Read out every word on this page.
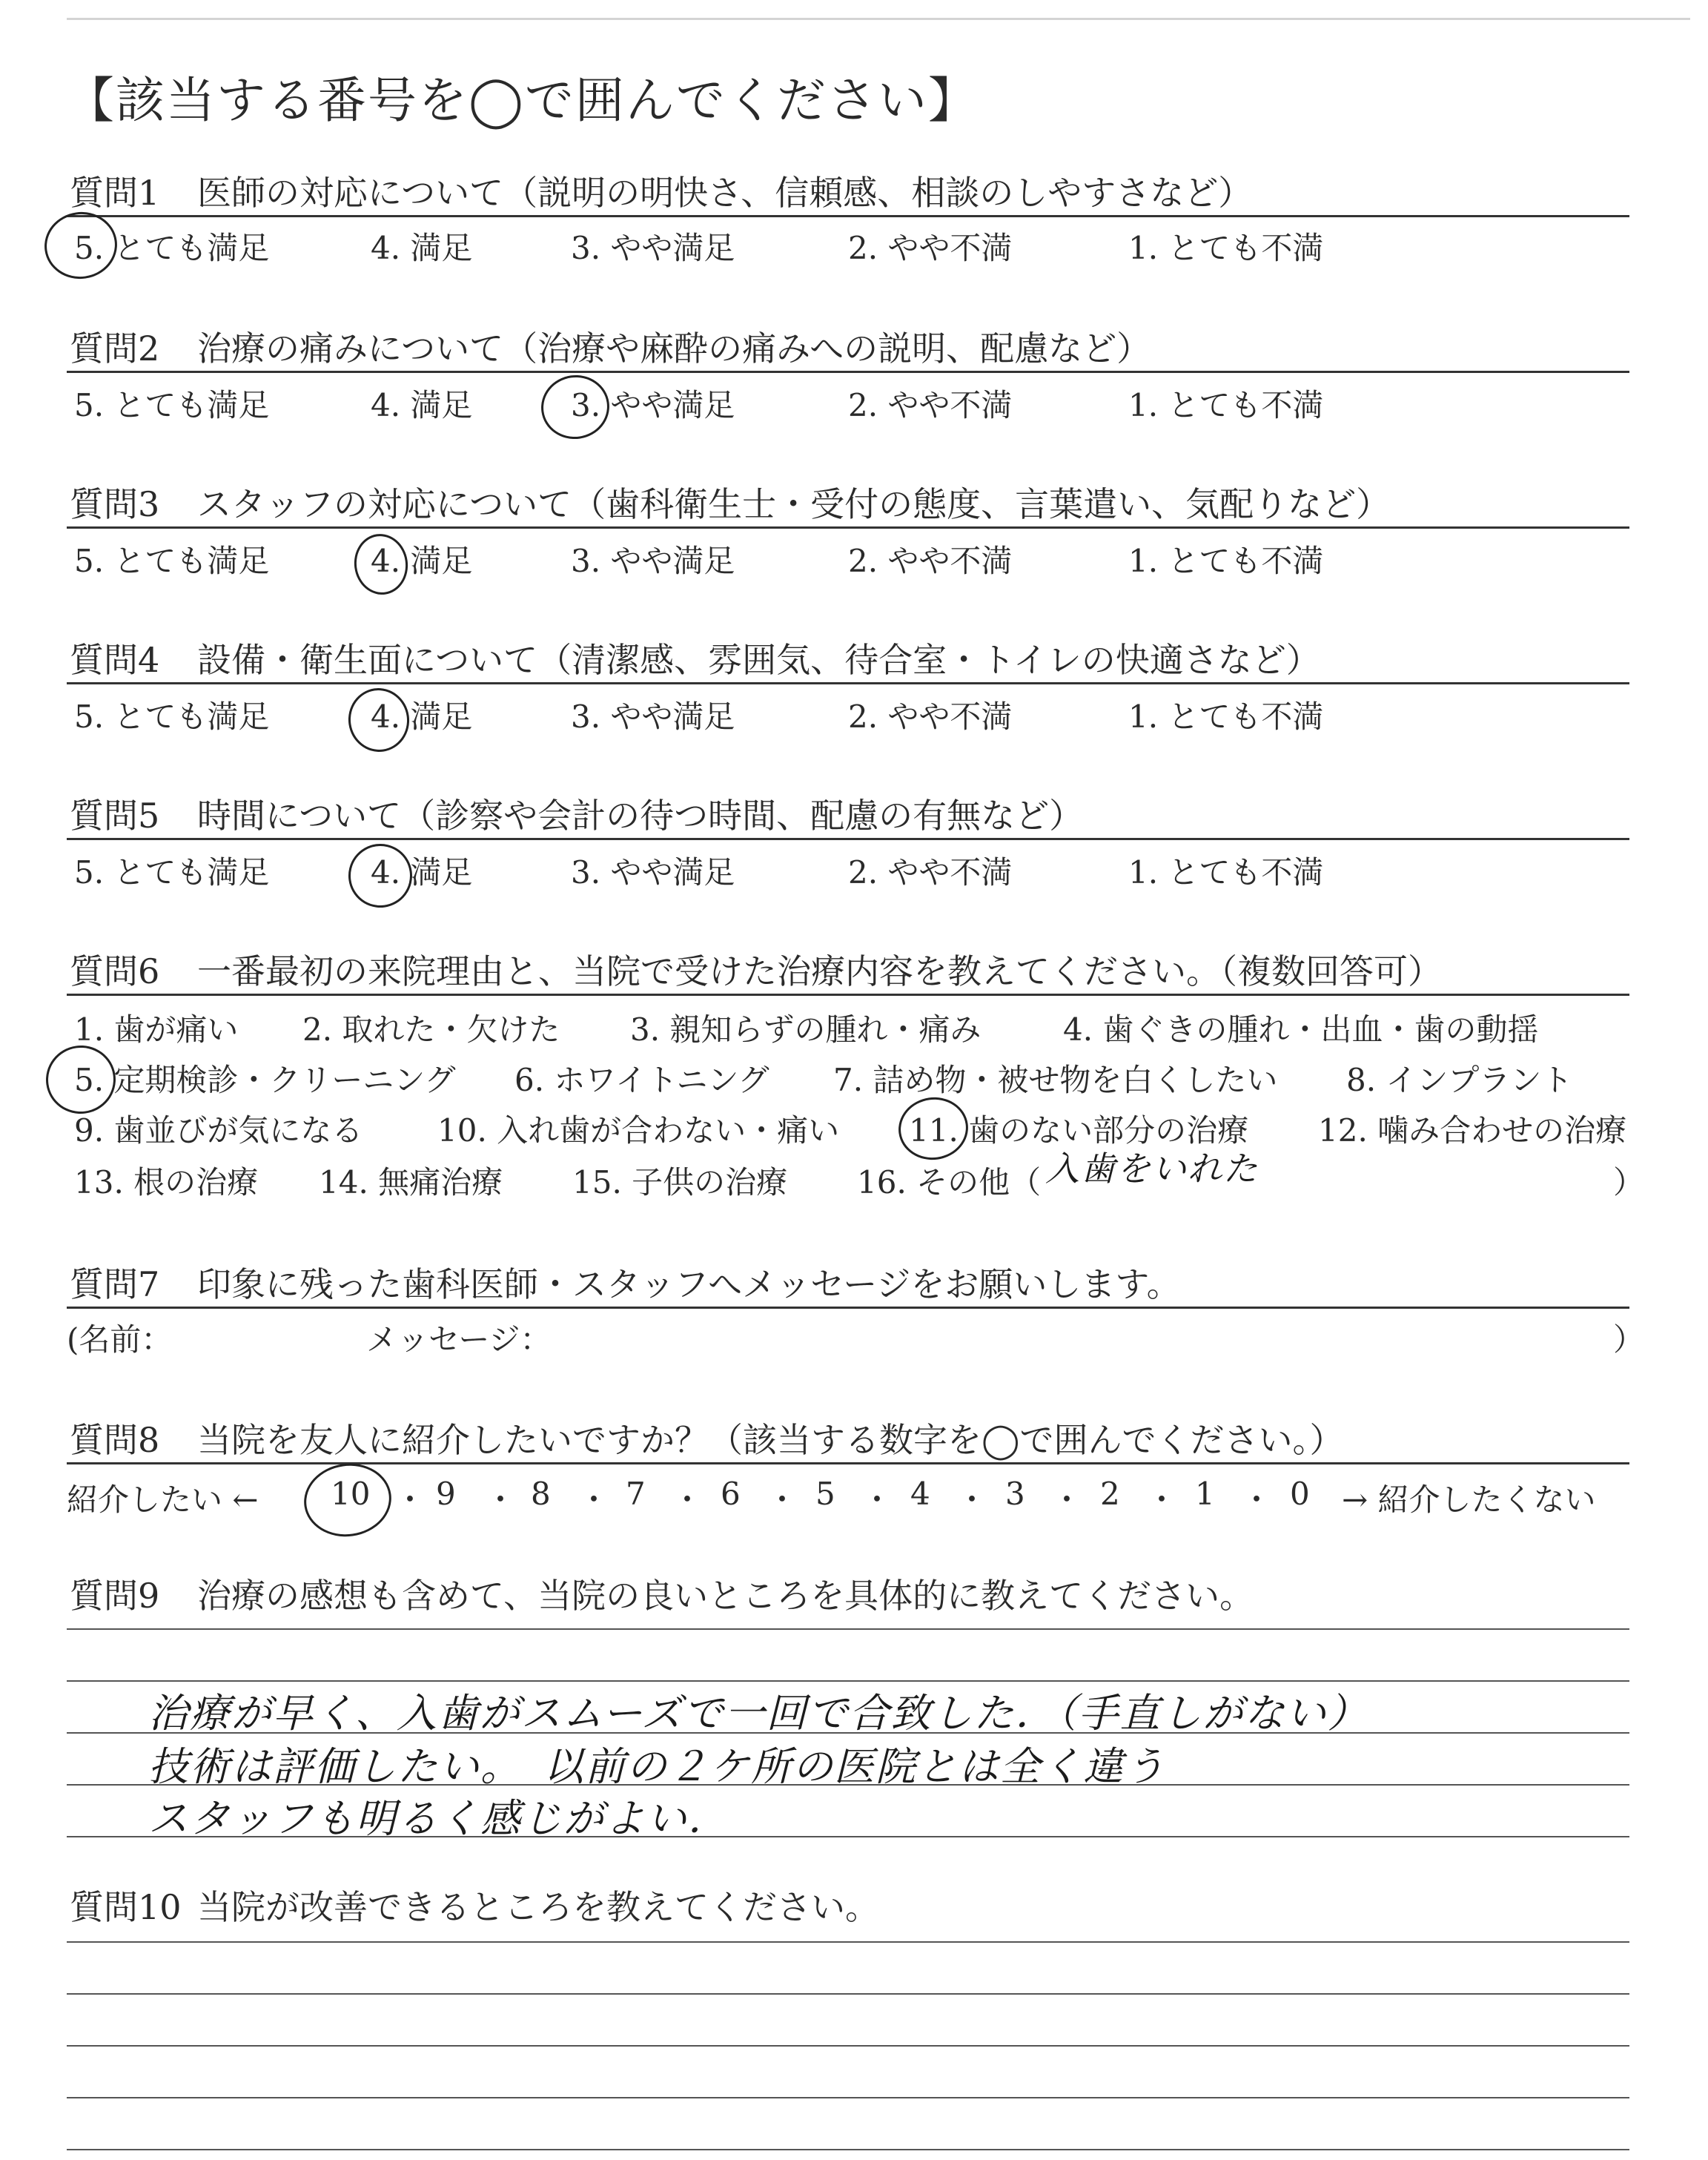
【該当する番号を◯で囲んでください】
質問1 医師の対応について（説明の明快さ、信頼感、相談のしやすさなど）
5. とても満足	4. 満足	3. やや満足	2. やや不満	1. とても不満
質問2 治療の痛みについて（治療や麻酔の痛みへの説明、配慮など）
5. とても満足	4. 満足	3. やや満足	2. やや不満	1. とても不満
質問3 スタッフの対応について（歯科衛生士・受付の態度、言葉遣い、気配りなど）
5. とても満足	4. 満足	3. やや満足	2. やや不満	1. とても不満
質問4 設備・衛生面について（清潔感、雰囲気、待合室・トイレの快適さなど）
5. とても満足	4. 満足	3. やや満足	2. やや不満	1. とても不満
質問5 時間について（診察や会計の待つ時間、配慮の有無など）
5. とても満足	4. 満足	3. やや満足	2. やや不満	1. とても不満
質問6 一番最初の来院理由と、当院で受けた治療内容を教えてください。（複数回答可）
1. 歯が痛い 2. 取れた・欠けた 3. 親知らずの腫れ・痛み	4. 歯ぐきの腫れ・出血・歯の動揺
5. 定期検診・クリーニング 6. ホワイトニング 7. 詰め物・被せ物を白くしたい 8. インプラント
9. 歯並びが気になる 10. 入れ歯が合わない・痛い 11. 歯のない部分の治療 12. 噛み合わせの治療
13. 根の治療 14. 無痛治療 15. 子供の治療 16. その他（ 入歯をいれた	）
質問7 印象に残った歯科医師・スタッフへメッセージをお願いします。
(名前：	メッセージ：	）
質問8 当院を友人に紹介したいですか？（該当する数字を◯で囲んでください。）
紹介したい ← 10 ・ 9 ・ 8 ・ 7 ・ 6 ・ 5 ・ 4 ・ 3 ・ 2 ・ 1 ・ 0 → 紹介したくない
質問9 治療の感想も含めて、当院の良いところを具体的に教えてください。
治療が早く、入歯がスムーズで一回で合致した．（手直しがない）
技術は評価したい。　以前の２ケ所の医院とは全く違う
スタッフも明るく感じがよい．
質問10 当院が改善できるところを教えてください。
